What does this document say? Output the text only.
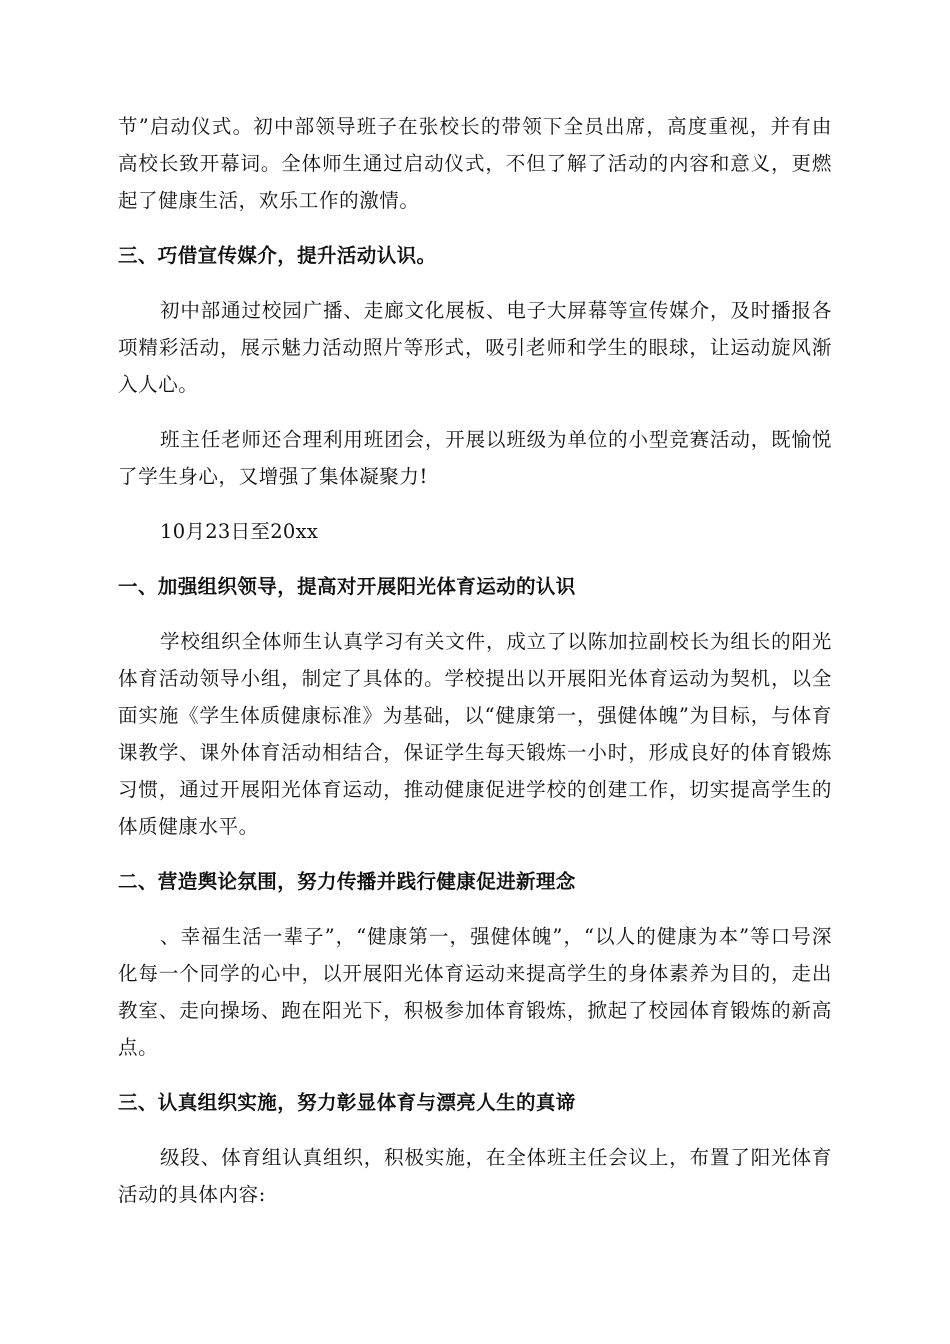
节”启动仪式。初中部领导班子在张校长的带领下全员出席，高度重视，并有由高校长致开幕词。全体师生通过启动仪式，不但了解了活动的内容和意义，更燃起了健康生活，欢乐工作的激情。

三、巧借宣传媒介，提升活动认识。

初中部通过校园广播、走廊文化展板、电子大屏幕等宣传媒介，及时播报各项精彩活动，展示魅力活动照片等形式，吸引老师和学生的眼球，让运动旋风渐入人心。

班主任老师还合理利用班团会，开展以班级为单位的小型竞赛活动，既愉悦了学生身心，又增强了集体凝聚力!

10月23日至20xx

一、加强组织领导，提高对开展阳光体育运动的认识

学校组织全体师生认真学习有关文件，成立了以陈加拉副校长为组长的阳光体育活动领导小组，制定了具体的。学校提出以开展阳光体育运动为契机，以全面实施《学生体质健康标准》为基础，以“健康第一，强健体魄”为目标，与体育课教学、课外体育活动相结合，保证学生每天锻炼一小时，形成良好的体育锻炼习惯，通过开展阳光体育运动，推动健康促进学校的创建工作，切实提高学生的体质健康水平。

二、营造舆论氛围，努力传播并践行健康促进新理念

、幸福生活一辈子”，“健康第一，强健体魄”，“以人的健康为本”等口号深化每一个同学的心中，以开展阳光体育运动来提高学生的身体素养为目的，走出教室、走向操场、跑在阳光下，积极参加体育锻炼，掀起了校园体育锻炼的新高点。

三、认真组织实施，努力彰显体育与漂亮人生的真谛

级段、体育组认真组织，积极实施，在全体班主任会议上，布置了阳光体育活动的具体内容:
